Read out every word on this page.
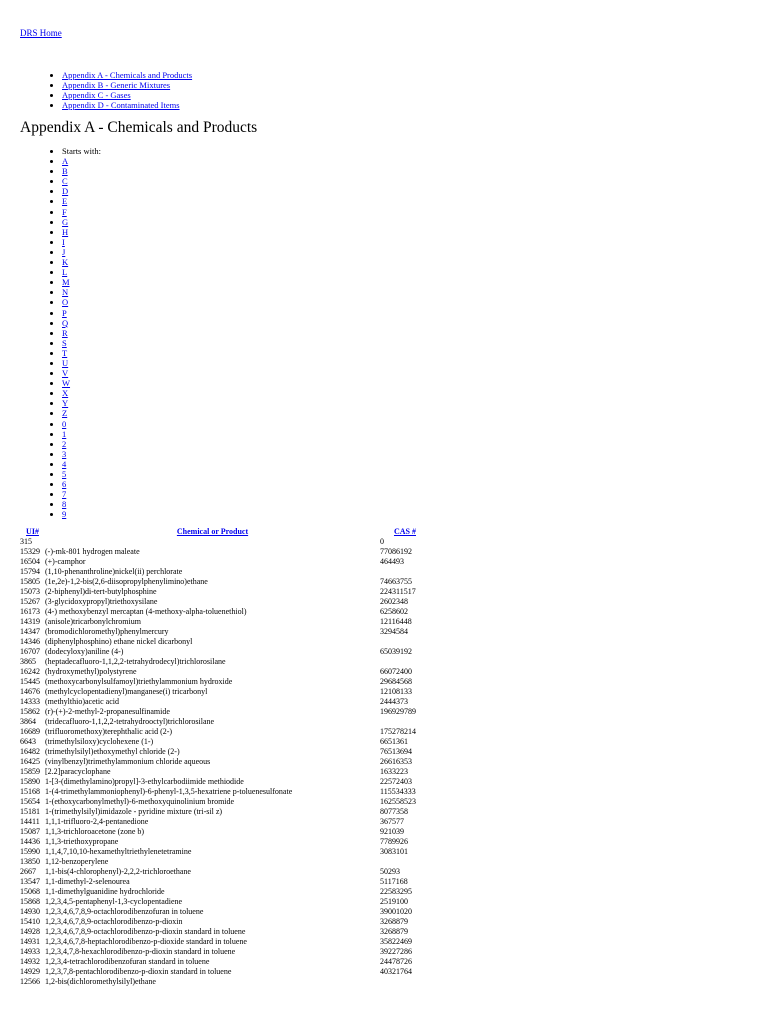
DRS Home
• Appendix A - Chemicals and Products
• Appendix B - Generic Mixtures
• Appendix C - Gases
• Appendix D - Contaminated Items
Appendix A - Chemicals and Products
• Starts with:
• A
• B
• C
• D
• E
• F
• G
• H
• I
• J
• K
• L
• M
• N
• O
• P
• Q
• R
• S
• T
• U
• V
• W
• X
• Y
• Z
• 0
• 1
• 2
• 3
• 4
• 5
• 6
• 7
• 8
• 9
UI#	Chemical or Product	CAS #
315		0
15329	(-)-mk-801 hydrogen maleate	77086192
16504	(+)-camphor	464493
15794	(1,10-phenanthroline)nickel(ii) perchlorate	
15805	(1e,2e)-1,2-bis(2,6-diisopropylphenylimino)ethane	74663755
15073	(2-biphenyl)di-tert-butylphosphine	224311517
15267	(3-glycidoxypropyl)triethoxysilane	2602348
16173	(4-) methoxybenzyl mercaptan (4-methoxy-alpha-toluenethiol)	6258602
14319	(anisole)tricarbonylchromium	12116448
14347	(bromodichloromethyl)phenylmercury	3294584
14346	(diphenylphosphino) ethane nickel dicarbonyl	
16707	(dodecyloxy)aniline (4-)	65039192
3865	(heptadecafluoro-1,1,2,2-tetrahydrodecyl)trichlorosilane	
16242	(hydroxymethyl)polystyrene	66072400
15445	(methoxycarbonylsulfamoyl)triethylammonium hydroxide	29684568
14676	(methylcyclopentadienyl)manganese(i) tricarbonyl	12108133
14333	(methylthio)acetic acid	2444373
15862	(r)-(+)-2-methyl-2-propanesulfinamide	196929789
3864	(tridecafluoro-1,1,2,2-tetrahydrooctyl)trichlorosilane	
16689	(trifluoromethoxy)terephthalic acid (2-)	175278214
6643	(trimethylsiloxy)cyclohexene (1-)	6651361
16482	(trimethylsilyl)ethoxymethyl chloride (2-)	76513694
16425	(vinylbenzyl)trimethylammonium chloride aqueous	26616353
15859	[2.2]paracyclophane	1633223
15890	1-[3-(dimethylamino)propyl]-3-ethylcarbodiimide methiodide	22572403
15168	1-(4-trimethylammoniophenyl)-6-phenyl-1,3,5-hexatriene p-toluenesulfonate	115534333
15654	1-(ethoxycarbonylmethyl)-6-methoxyquinolinium bromide	162558523
15181	1-(trimethylsilyl)imidazole - pyridine mixture (tri-sil z)	8077358
14411	1,1,1-trifluoro-2,4-pentanedione	367577
15087	1,1,3-trichloroacetone (zone b)	921039
14436	1,1,3-triethoxypropane	7789926
15990	1,1,4,7,10,10-hexamethyltriethylenetetramine	3083101
13850	1,12-benzoperylene	
2667	1,1-bis(4-chlorophenyl)-2,2,2-trichloroethane	50293
13547	1,1-dimethyl-2-selenourea	5117168
15068	1,1-dimethylguanidine hydrochloride	22583295
15868	1,2,3,4,5-pentaphenyl-1,3-cyclopentadiene	2519100
14930	1,2,3,4,6,7,8,9-octachlorodibenzofuran in toluene	39001020
15410	1,2,3,4,6,7,8,9-octachlorodibenzo-p-dioxin	3268879
14928	1,2,3,4,6,7,8,9-octachlorodibenzo-p-dioxin standard in toluene	3268879
14931	1,2,3,4,6,7,8-heptachlorodibenzo-p-dioxide standard in toluene	35822469
14933	1,2,3,4,7,8-hexachlorodibenzo-p-dioxin standard in toluene	39227286
14932	1,2,3,4-tetrachlorodibenzofuran standard in toluene	24478726
14929	1,2,3,7,8-pentachlorodibenzo-p-dioxin standard in toluene	40321764
12566	1,2-bis(dichloromethylsilyl)ethane	
